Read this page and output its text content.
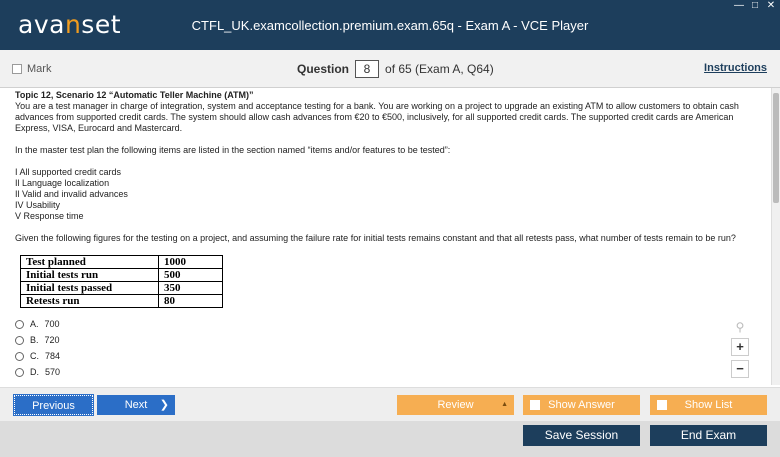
avanset	CTFL_UK.examcollection.premium.exam.65q - Exam A - VCE Player
— □ ✕
Mark	Question	8	of 65 (Exam A, Q64)	Instructions

Topic 12, Scenario 12 “Automatic Teller Machine (ATM)”

You are a test manager in charge of integration, system and acceptance testing for a bank. You are working on a project to upgrade an existing ATM to allow customers to obtain cash advances from supported credit cards. The system should allow cash advances from €20 to €500, inclusively, for all supported credit cards. The supported credit cards are American Express, VISA, Eurocard and Mastercard.

In the master test plan the following items are listed in the section named “items and/or features to be tested”:

I All supported credit cards

Il Language localization

Il Valid and invalid advances

IV Usability

V Response time

Given the following figures for the testing on a project, and assuming the failure rate for initial tests remains constant and that all retests pass, what number of tests remain to be run?

Test planned	1000
Initial tests run	500
Initial tests passed	350
Retests run	80
A. 700
B. 720
C. 784
D. 570
⚲
+
−
Previous	Next ❯	Review	▲	Show Answer	Show List
Save Session	End Exam
